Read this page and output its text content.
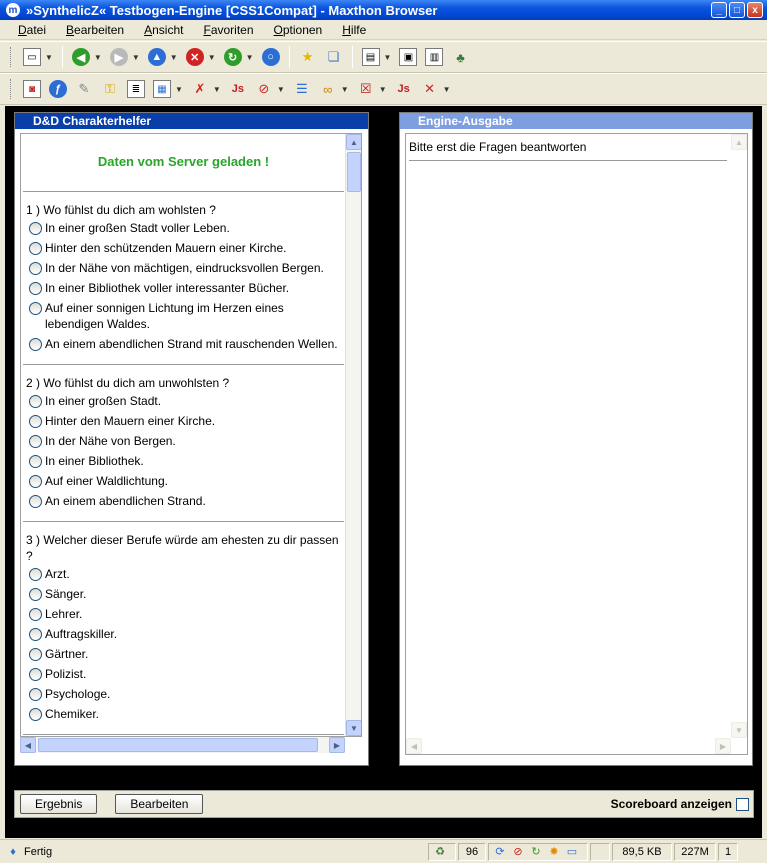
m »SynthelicZ« Testbogen-Engine [CSS1Compat] - Maxthon Browser	_	□	x
Datei Bearbeiten Ansicht Favoriten Optionen Hilfe
▭	▼	◀	▼	▶	▼	▲ ▼	✕	▼	↻	▼	○	★ ❏	▤	▼	▣	▥	♣
◙	ƒ	✎	⚿	≣	▦	▼ ✗ ▼ Js ⊘ ▼ ☰	∞	▼ ☒ ▼ Js ✕ ▼
D&D Charakterhelfer
Daten vom Server geladen !
1 ) Wo fühlst du dich am wohlsten ?
In einer großen Stadt voller Leben.
Hinter den schützenden Mauern einer Kirche.
In der Nähe von mächtigen, eindrucksvollen Bergen.
In einer Bibliothek voller interessanter Bücher.
Auf einer sonnigen Lichtung im Herzen eines lebendigen Waldes.
An einem abendlichen Strand mit rauschenden Wellen.
2 ) Wo fühlst du dich am unwohlsten ?
In einer großen Stadt.
Hinter den Mauern einer Kirche.
In der Nähe von Bergen.
In einer Bibliothek.
Auf einer Waldlichtung.
An einem abendlichen Strand.
3 ) Welcher dieser Berufe würde am ehesten zu dir passen ?
Arzt.
Sänger.
Lehrer.
Auftragskiller.
Gärtner.
Polizist.
Psychologe.
Chemiker.
▲
▼
◀	▶
Engine-Ausgabe
Bitte erst die Fragen beantworten	▲
▼
◀	▶
Ergebnis	Bearbeiten	Scoreboard anzeigen
♦ Fertig	♻ 96 ⟳ ⊘ ↻ ✸ ▭	89,5 KB 227M 1
